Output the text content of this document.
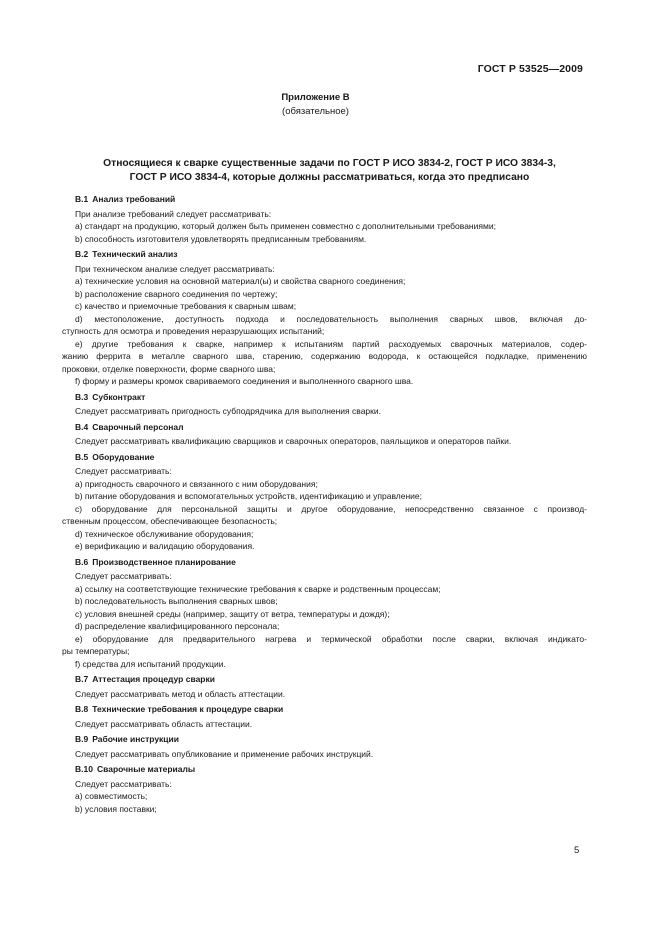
ГОСТ Р 53525—2009
Приложение В
(обязательное)
Относящиеся к сварке существенные задачи по ГОСТ Р ИСО 3834-2, ГОСТ Р ИСО 3834-3,
ГОСТ Р ИСО 3834-4, которые должны рассматриваться, когда это предписано

В.1 Анализ требований

При анализе требований следует рассматривать:

a) стандарт на продукцию, который должен быть применен совместно с дополнительными требованиями;

b) способность изготовителя удовлетворять предписанным требованиям.

В.2 Технический анализ

При техническом анализе следует рассматривать:

a) технические условия на основной материал(ы) и свойства сварного соединения;

b) расположение сварного соединения по чертежу;

c) качество и приемочные требования к сварным швам;

d) местоположение, доступность подхода и последовательность выполнения сварных швов, включая до-

ступность для осмотра и проведения неразрушающих испытаний;

e) другие требования к сварке, например к испытаниям партий расходуемых сварочных материалов, содер-

жанию феррита в металле сварного шва, старению, содержанию водорода, к остающейся подкладке, применению

проковки, отделке поверхности, форме сварного шва;

f) форму и размеры кромок свариваемого соединения и выполненного сварного шва.

В.3 Субконтракт

Следует рассматривать пригодность субподрядчика для выполнения сварки.

В.4 Сварочный персонал

Следует рассматривать квалификацию сварщиков и сварочных операторов, паяльщиков и операторов пайки.

В.5 Оборудование

Следует рассматривать:

a) пригодность сварочного и связанного с ним оборудования;

b) питание оборудования и вспомогательных устройств, идентификацию и управление;

c) оборудование для персональной защиты и другое оборудование, непосредственно связанное с производ-

ственным процессом, обеспечивающее безопасность;

d) техническое обслуживание оборудования;

e) верификацию и валидацию оборудования.

В.6 Производственное планирование

Следует рассматривать:

a) ссылку на соответствующие технические требования к сварке и родственным процессам;

b) последовательность выполнения сварных швов;

c) условия внешней среды (например, защиту от ветра, температуры и дождя);

d) распределение квалифицированного персонала;

e) оборудование для предварительного нагрева и термической обработки после сварки, включая индикато-

ры температуры;

f) средства для испытаний продукции.

В.7 Аттестация процедур сварки

Следует рассматривать метод и область аттестации.

В.8 Технические требования к процедуре сварки

Следует рассматривать область аттестации.

В.9 Рабочие инструкции

Следует рассматривать опубликование и применение рабочих инструкций.

В.10 Сварочные материалы

Следует рассматривать:

a) совместимость;

b) условия поставки;

5
